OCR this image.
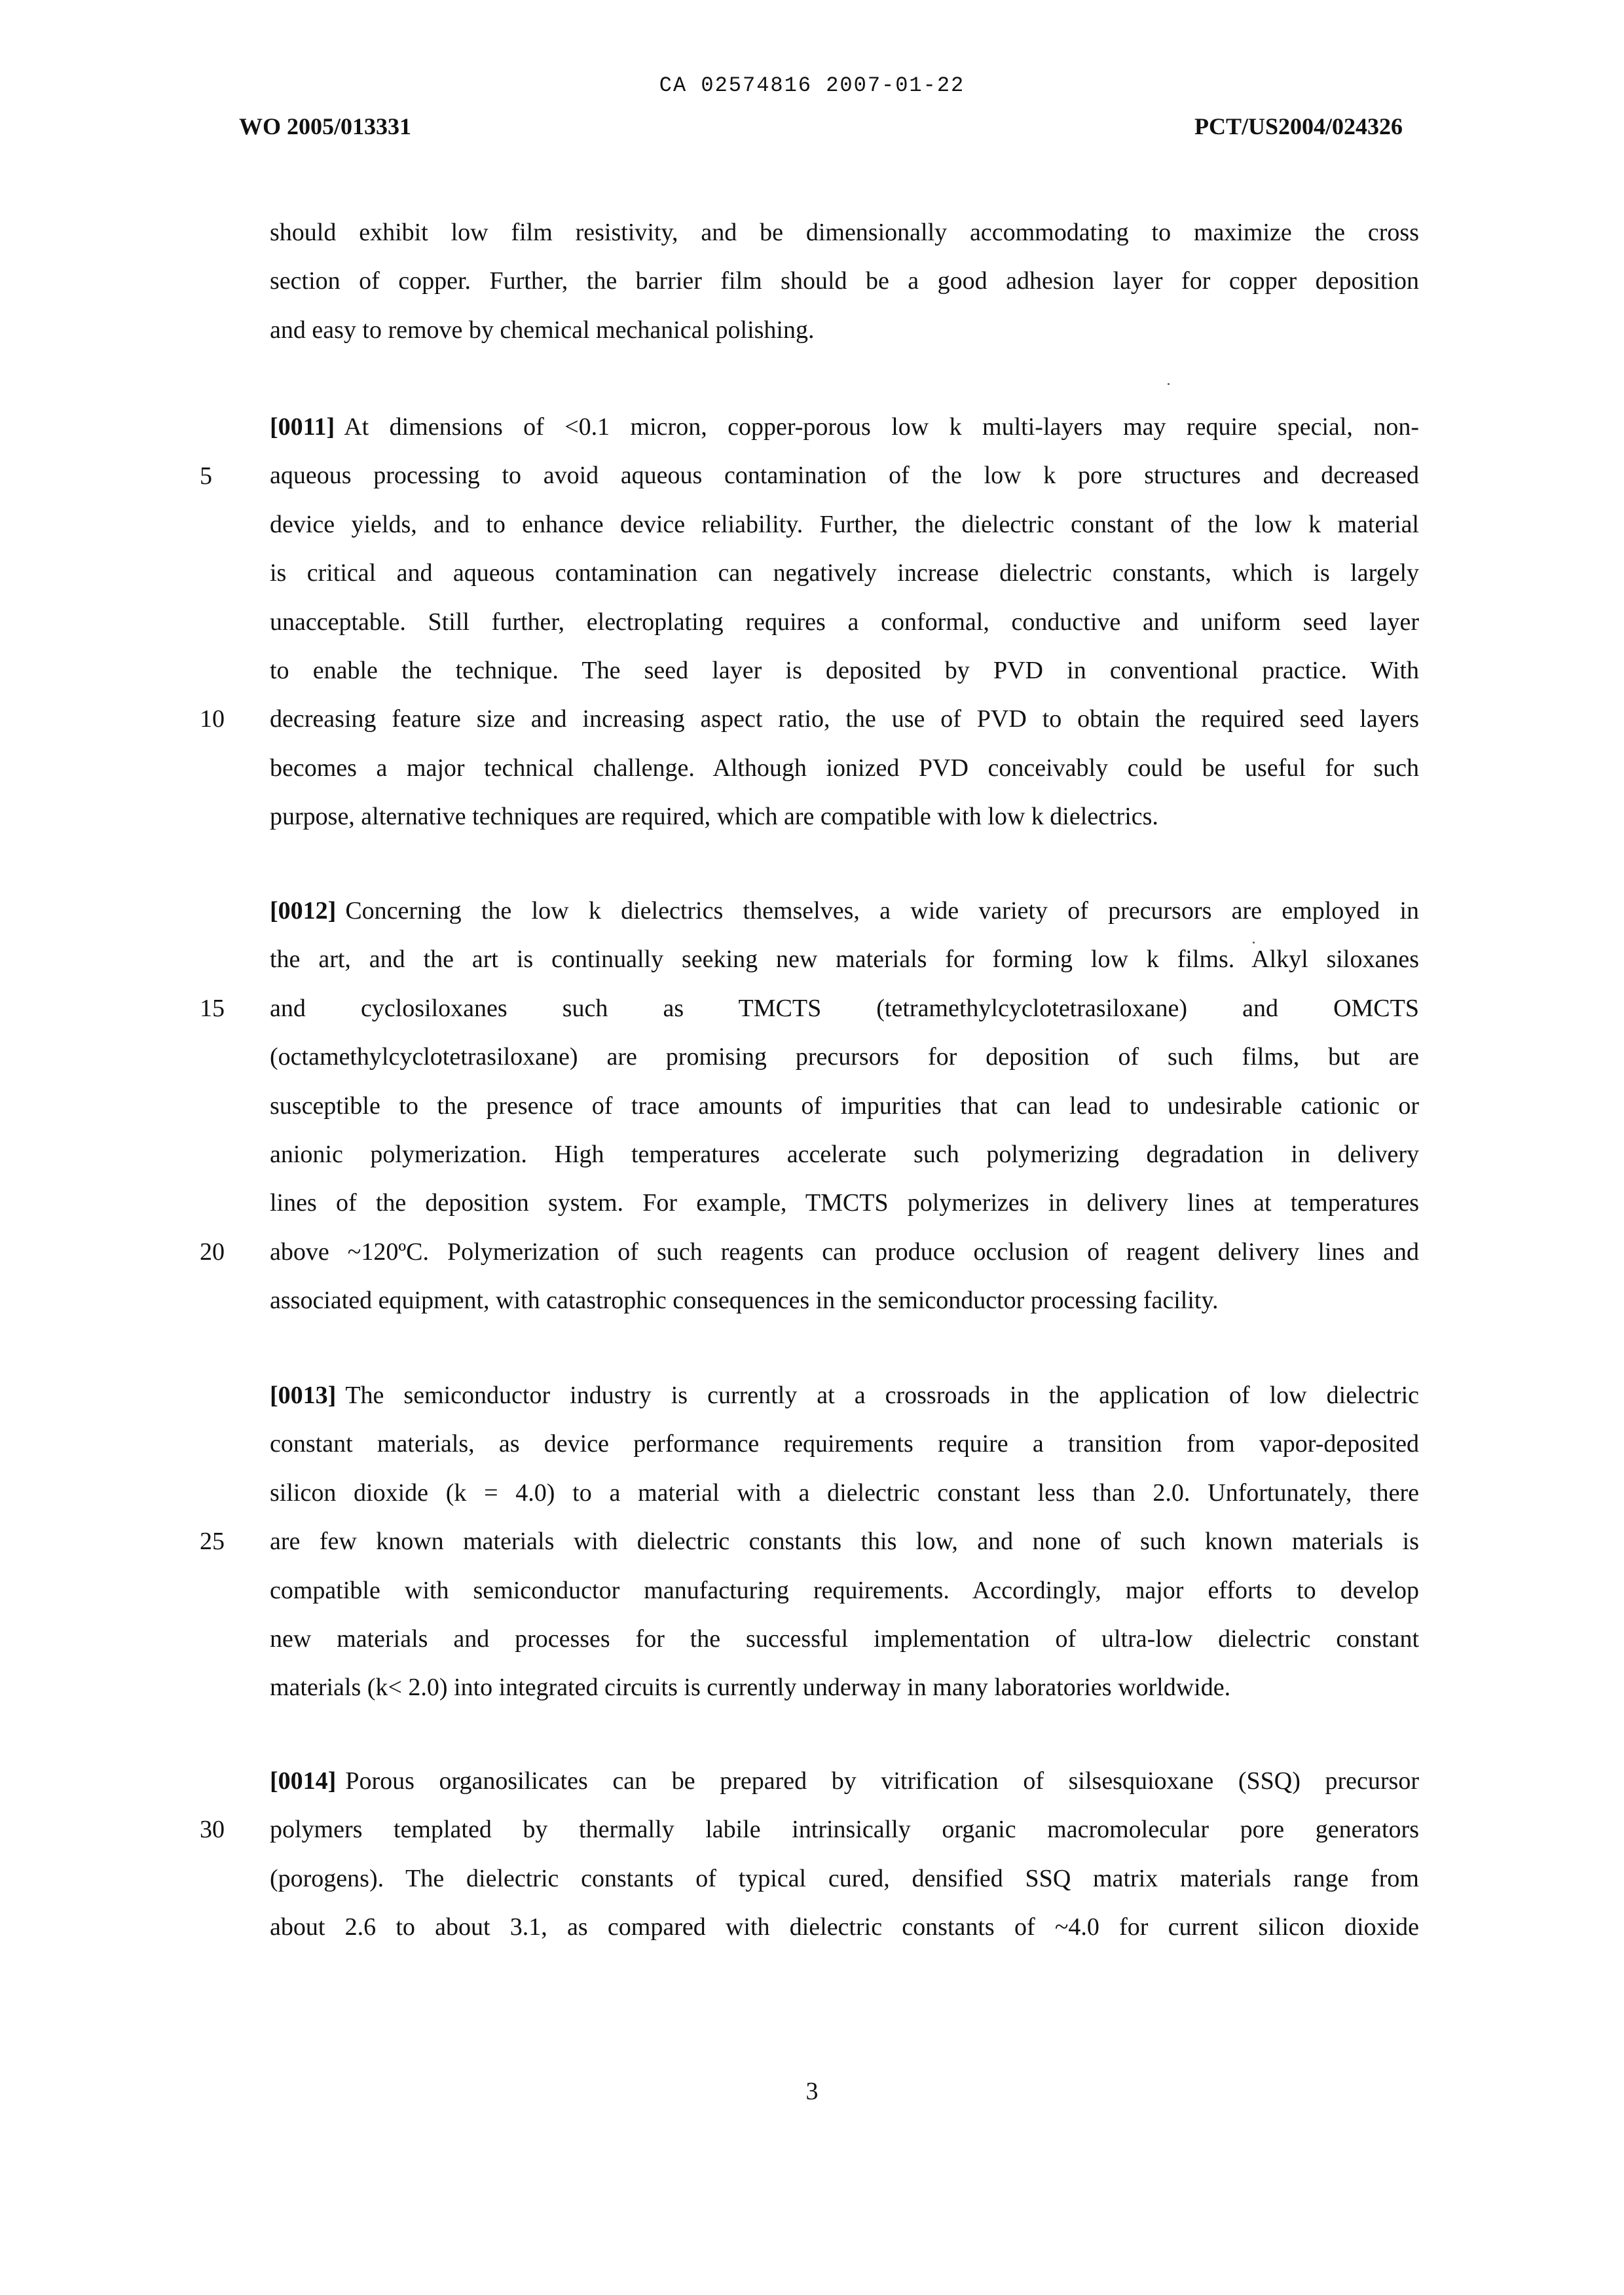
CA 02574816 2007-01-22
WO 2005/013331	PCT/US2004/024326
should exhibit low film resistivity, and be dimensionally accommodating to maximize the cross
section of copper. Further, the barrier film should be a good adhesion layer for copper deposition
and easy to remove by chemical mechanical polishing.
[0011] At dimensions of <0.1 micron, copper-porous low k multi-layers may require special, non-
aqueous processing to avoid aqueous contamination of the low k pore structures and decreased
device yields, and to enhance device reliability. Further, the dielectric constant of the low k material
is critical and aqueous contamination can negatively increase dielectric constants, which is largely
unacceptable. Still further, electroplating requires a conformal, conductive and uniform seed layer
to enable the technique. The seed layer is deposited by PVD in conventional practice. With
decreasing feature size and increasing aspect ratio, the use of PVD to obtain the required seed layers
becomes a major technical challenge. Although ionized PVD conceivably could be useful for such
purpose, alternative techniques are required, which are compatible with low k dielectrics.
[0012] Concerning the low k dielectrics themselves, a wide variety of precursors are employed in
the art, and the art is continually seeking new materials for forming low k films. Alkyl siloxanes
and cyclosiloxanes such as TMCTS (tetramethylcyclotetrasiloxane) and OMCTS
(octamethylcyclotetrasiloxane) are promising precursors for deposition of such films, but are
susceptible to the presence of trace amounts of impurities that can lead to undesirable cationic or
anionic polymerization. High temperatures accelerate such polymerizing degradation in delivery
lines of the deposition system. For example, TMCTS polymerizes in delivery lines at temperatures
above ~120ºC. Polymerization of such reagents can produce occlusion of reagent delivery lines and
associated equipment, with catastrophic consequences in the semiconductor processing facility.
[0013] The semiconductor industry is currently at a crossroads in the application of low dielectric
constant materials, as device performance requirements require a transition from vapor-deposited
silicon dioxide (k = 4.0) to a material with a dielectric constant less than 2.0. Unfortunately, there
are few known materials with dielectric constants this low, and none of such known materials is
compatible with semiconductor manufacturing requirements. Accordingly, major efforts to develop
new materials and processes for the successful implementation of ultra-low dielectric constant
materials (k< 2.0) into integrated circuits is currently underway in many laboratories worldwide.
[0014] Porous organosilicates can be prepared by vitrification of silsesquioxane (SSQ) precursor
polymers templated by thermally labile intrinsically organic macromolecular pore generators
(porogens). The dielectric constants of typical cured, densified SSQ matrix materials range from
about 2.6 to about 3.1, as compared with dielectric constants of ~4.0 for current silicon dioxide
5
10
15
20
25
30
3
